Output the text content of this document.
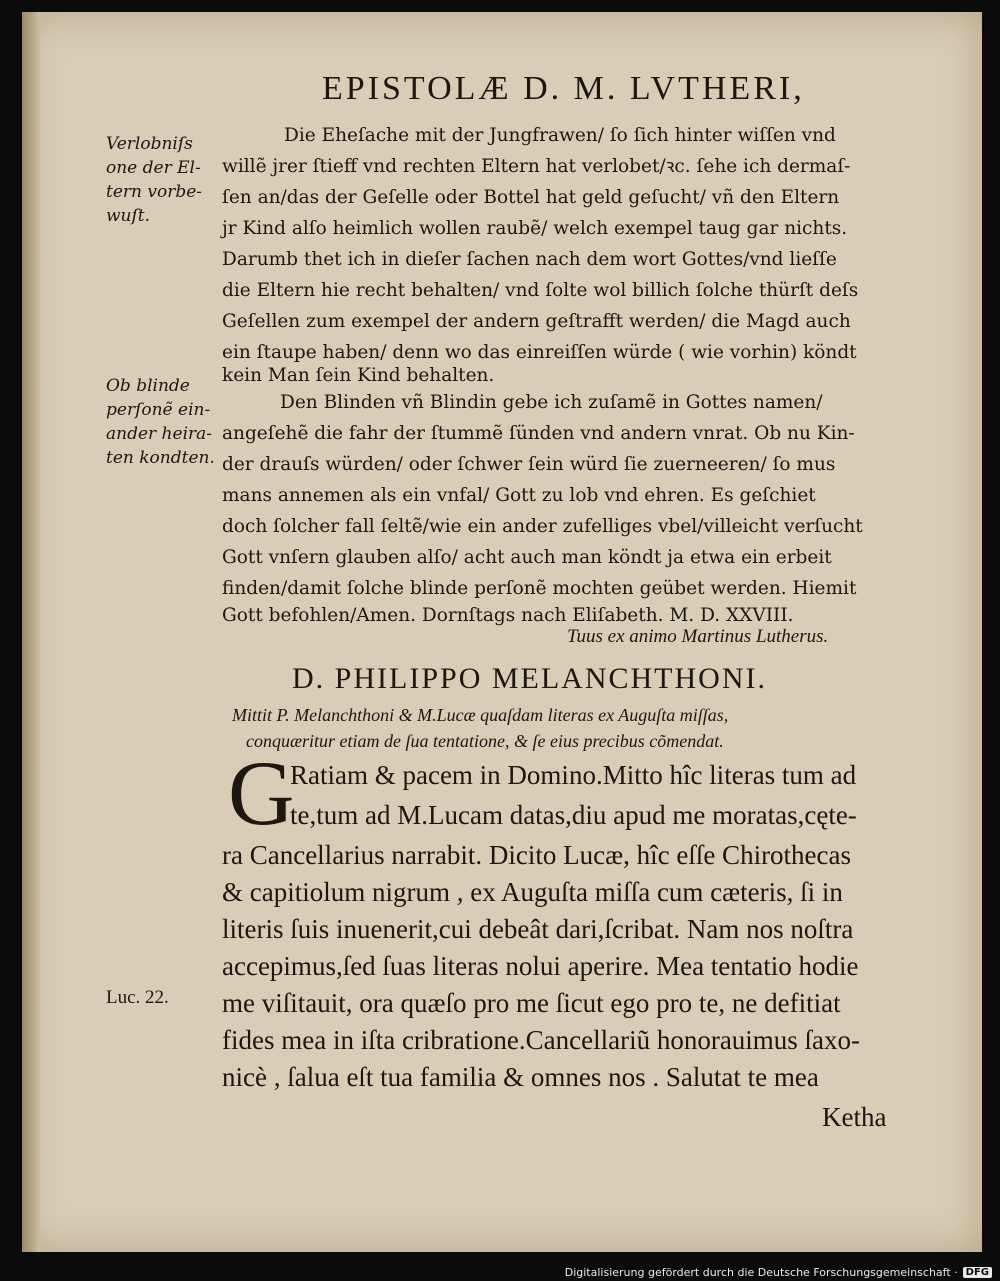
EPISTOLÆ D. M. LVTHERI,
Verlobniſs
one der El‑
tern vorbe‑
wuſt.
Ob blinde
perſonẽ ein‑
ander heira‑
ten kondten.
Luc. 22.
Die Eheſache mit der Jungfrawen/ ſo ſich hinter wiſſen vnd
willẽ jrer ſtieff vnd rechten Eltern hat verlobet/ꝛc. ſehe ich dermaſ‑
ſen an/das der Geſelle oder Bottel hat geld geſucht/ vñ den Eltern
jr Kind alſo heimlich wollen raubẽ/ welch exempel taug gar nichts.
Darumb thet ich in dieſer ſachen nach dem wort Gottes/vnd lieſſe
die Eltern hie recht behalten/ vnd ſolte wol billich ſolche thürſt deſs
Geſellen zum exempel der andern geſtrafft werden/ die Magd auch
ein ſtaupe haben/ denn wo das einreiſſen würde ( wie vorhin) köndt
kein Man ſein Kind behalten.
Den Blinden vñ Blindin gebe ich zuſamẽ in Gottes namen/
angeſehẽ die fahr der ſtummẽ ſünden vnd andern vnrat. Ob nu Kin‑
der drauſs würden/ oder ſchwer ſein würd ſie zuerneeren/ ſo mus
mans annemen als ein vnfal/ Gott zu lob vnd ehren. Es geſchiet
doch ſolcher fall ſeltẽ/wie ein ander zufelliges vbel/villeicht verſucht
Gott vnſern glauben alſo/ acht auch man köndt ja etwa ein erbeit
finden/damit ſolche blinde perſonẽ mochten geübet werden. Hiemit
Gott befohlen/Amen. Dornſtags nach Eliſabeth. M. D. XXVIII.
Tuus ex animo Martinus Lutherus.
D. PHILIPPO MELANCHTHONI.
Mittit P. Melanchthoni & M.Lucæ quaſdam literas ex Auguſta miſſas,
conquæritur etiam de ſua tentatione, & ſe eius precibus cõmendat.
G
Ratiam & pacem in Domino.Mitto hîc literas tum ad
te,tum ad M.Lucam datas,diu apud me moratas,cęte‑
ra Cancellarius narrabit. Dicito Lucæ, hîc eſſe Chirothecas
& capitiolum nigrum , ex Auguſta miſſa cum cæteris, ſi in
literis ſuis inuenerit,cui debeât dari,ſcribat. Nam nos noſtra
accepimus,ſed ſuas literas nolui aperire. Mea tentatio hodie
me viſitauit, ora quæſo pro me ſicut ego pro te, ne defitiat
fides mea in iſta cribratione.Cancellariũ honorauimus ſaxo‑
nicè , ſalua eſt tua familia & omnes nos . Salutat te mea
Ketha
Digitalisierung gefördert durch die Deutsche Forschungsgemeinschaft · DFG
